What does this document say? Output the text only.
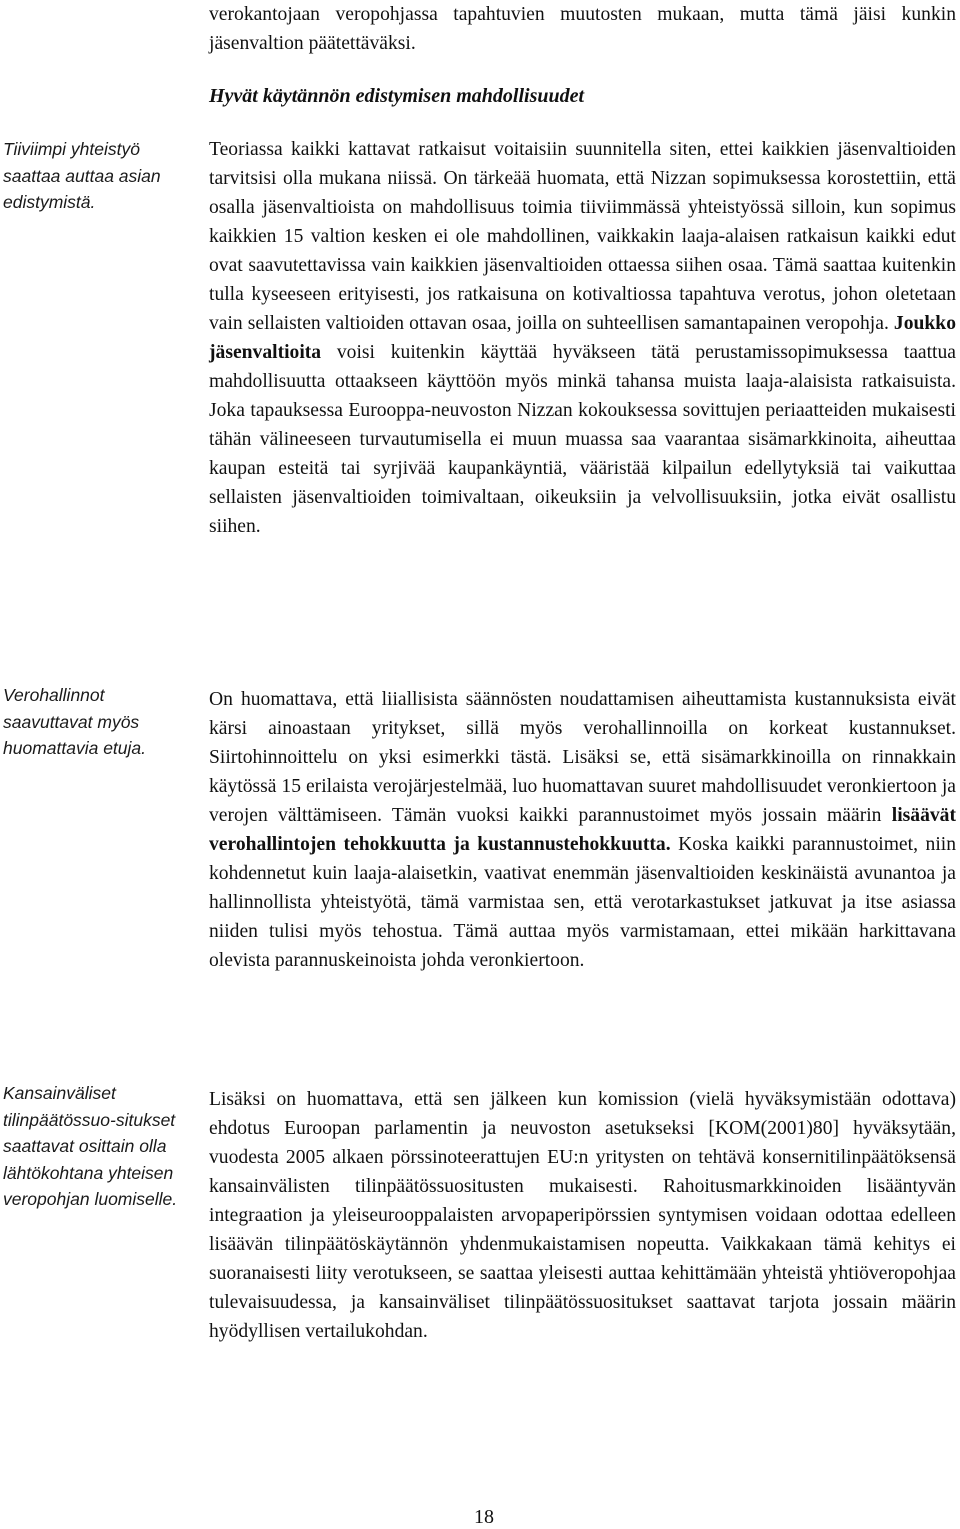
verokantojaan veropohjassa tapahtuvien muutosten mukaan, mutta tämä jäisi kunkin jäsenvaltion päätettäväksi.

Hyvät käytännön edistymisen mahdollisuudet
Tiiviimpi yhteistyö saattaa auttaa asian edistymistä.

Teoriassa kaikki kattavat ratkaisut voitaisiin suunnitella siten, ettei kaikkien jäsenvaltioiden tarvitsisi olla mukana niissä. On tärkeää huomata, että Nizzan sopimuksessa korostettiin, että osalla jäsenvaltioista on mahdollisuus toimia tiiviimmässä yhteistyössä silloin, kun sopimus kaikkien 15 valtion kesken ei ole mahdollinen, vaikkakin laaja-alaisen ratkaisun kaikki edut ovat saavutettavissa vain kaikkien jäsenvaltioiden ottaessa siihen osaa. Tämä saattaa kuitenkin tulla kyseeseen erityisesti, jos ratkaisuna on kotivaltiossa tapahtuva verotus, johon oletetaan vain sellaisten valtioiden ottavan osaa, joilla on suhteellisen samantapainen veropohja. Joukko jäsenvaltioita voisi kuitenkin käyttää hyväkseen tätä perustamissopimuksessa taattua mahdollisuutta ottaakseen käyttöön myös minkä tahansa muista laaja-alaisista ratkaisuista. Joka tapauksessa Eurooppa-neuvoston Nizzan kokouksessa sovittujen periaatteiden mukaisesti tähän välineeseen turvautumisella ei muun muassa saa vaarantaa sisämarkkinoita, aiheuttaa kaupan esteitä tai syrjivää kaupankäyntiä, vääristää kilpailun edellytyksiä tai vaikuttaa sellaisten jäsenvaltioiden toimivaltaan, oikeuksiin ja velvollisuuksiin, jotka eivät osallistu siihen.

Verohallinnot saavuttavat myös huomattavia etuja.

On huomattava, että liiallisista säännösten noudattamisen aiheuttamista kustannuksista eivät kärsi ainoastaan yritykset, sillä myös verohallinnoilla on korkeat kustannukset. Siirtohinnoittelu on yksi esimerkki tästä. Lisäksi se, että sisämarkkinoilla on rinnakkain käytössä 15 erilaista verojärjestelmää, luo huomattavan suuret mahdollisuudet veronkiertoon ja verojen välttämiseen. Tämän vuoksi kaikki parannustoimet myös jossain määrin lisäävät verohallintojen tehokkuutta ja kustannustehokkuutta. Koska kaikki parannustoimet, niin kohdennetut kuin laaja-alaisetkin, vaativat enemmän jäsenvaltioiden keskinäistä avunantoa ja hallinnollista yhteistyötä, tämä varmistaa sen, että verotarkastukset jatkuvat ja itse asiassa niiden tulisi myös tehostua. Tämä auttaa myös varmistamaan, ettei mikään harkittavana olevista parannuskeinoista johda veronkiertoon.

Kansainväliset tilinpäätössuo-situkset saattavat osittain olla lähtökohtana yhteisen veropohjan luomiselle.

Lisäksi on huomattava, että sen jälkeen kun komission (vielä hyväksymistään odottava) ehdotus Euroopan parlamentin ja neuvoston asetukseksi [KOM(2001)80] hyväksytään, vuodesta 2005 alkaen pörssinoteerattujen EU:n yritysten on tehtävä konsernitilinpäätöksensä kansainvälisten tilinpäätössuositusten mukaisesti. Rahoitusmarkkinoiden lisääntyvän integraation ja yleiseurooppalaisten arvopaperipörssien syntymisen voidaan odottaa edelleen lisäävän tilinpäätöskäytännön yhdenmukaistamisen nopeutta. Vaikkakaan tämä kehitys ei suoranaisesti liity verotukseen, se saattaa yleisesti auttaa kehittämään yhteistä yhtiöveropohjaa tulevaisuudessa, ja kansainväliset tilinpäätössuositukset saattavat tarjota jossain määrin hyödyllisen vertailukohdan.

18
